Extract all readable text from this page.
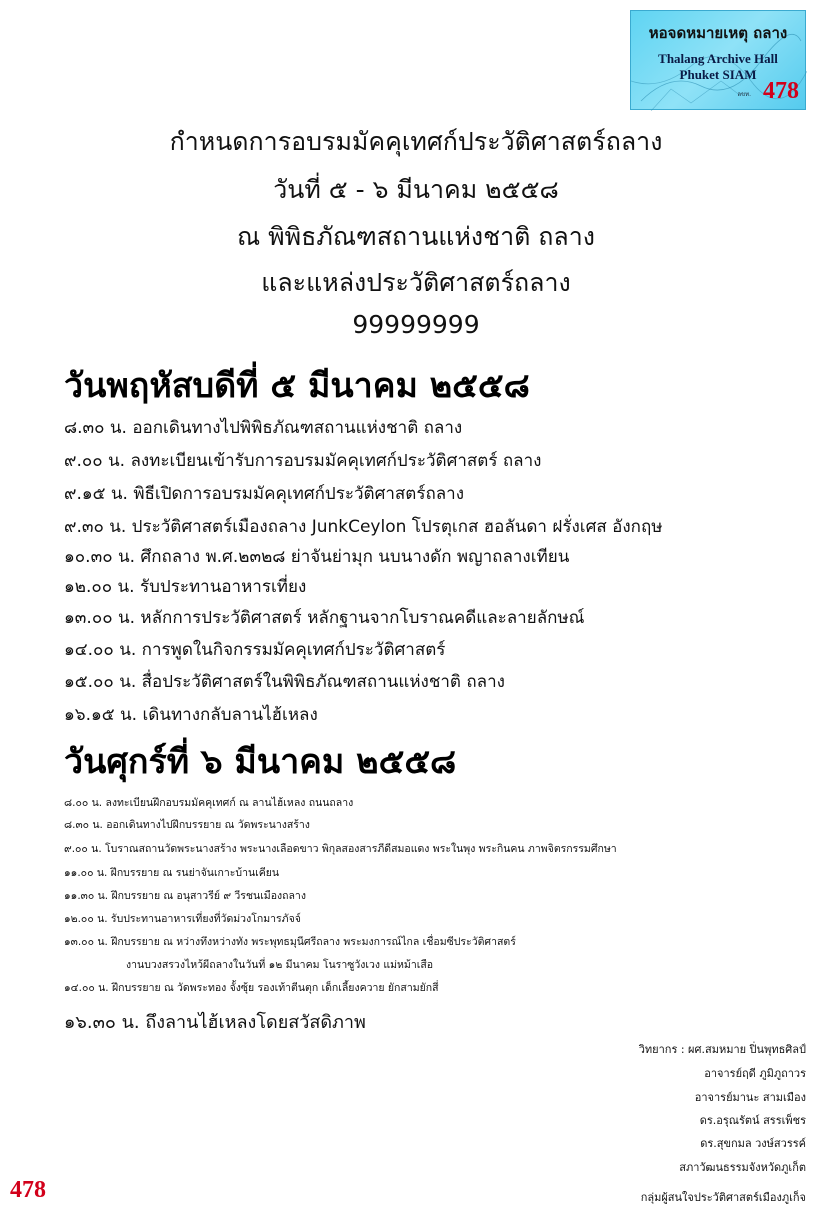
หอจดหมายเหตุ ถลาง
Thalang Archive Hall
Phuket SIAM
ลขท. 478
กำหนดการอบรมมัคคุเทศก์ประวัติศาสตร์ถลาง
วันที่ ๕ - ๖ มีนาคม ๒๕๕๘
ณ พิพิธภัณฑสถานแห่งชาติ ถลาง
และแหล่งประวัติศาสตร์ถลาง
99999999
วันพฤหัสบดีที่ ๕ มีนาคม ๒๕๕๘
๘.๓๐ น. ออกเดินทางไปพิพิธภัณฑสถานแห่งชาติ ถลาง
๙.๐๐ น. ลงทะเบียนเข้ารับการอบรมมัคคุเทศก์ประวัติศาสตร์ ถลาง
๙.๑๕ น. พิธีเปิดการอบรมมัคคุเทศก์ประวัติศาสตร์ถลาง
๙.๓๐ น. ประวัติศาสตร์เมืองถลาง JunkCeylon โปรตุเกส ฮอลันดา ฝรั่งเศส อังกฤษ
๑๐.๓๐ น. ศึกถลาง พ.ศ.๒๓๒๘ ย่าจันย่ามุก นบนางดัก พญาถลางเทียน
๑๒.๐๐ น. รับประทานอาหารเที่ยง
๑๓.๐๐ น. หลักการประวัติศาสตร์ หลักฐานจากโบราณคดีและลายลักษณ์
๑๔.๐๐ น. การพูดในกิจกรรมมัคคุเทศก์ประวัติศาสตร์
๑๕.๐๐ น. สื่อประวัติศาสตร์ในพิพิธภัณฑสถานแห่งชาติ ถลาง
๑๖.๑๕ น. เดินทางกลับลานไฮ้เหลง
วันศุกร์ที่ ๖ มีนาคม ๒๕๕๘
๘.๐๐ น. ลงทะเบียนฝึกอบรมมัคคุเทศก์ ณ ลานไฮ้เหลง ถนนถลาง
๘.๓๐ น. ออกเดินทางไปฝึกบรรยาย ณ วัดพระนางสร้าง
๙.๐๐ น. โบราณสถานวัดพระนางสร้าง พระนางเลือดขาว พิกุลสองสารภีดีสมอแดง พระในพุง พระกินคน ภาพจิตรกรรมศึกษา
๑๑.๐๐ น. ฝึกบรรยาย ณ รนย่าจันเกาะบ้านเคียน
๑๑.๓๐ น. ฝึกบรรยาย ณ อนุสาวรีย์ ๙ วีรชนเมืองถลาง
๑๒.๐๐ น. รับประทานอาหารเที่ยงที่วัดม่วงโกมารภัจจ์
๑๓.๐๐ น. ฝึกบรรยาย ณ หว่างทึงหว่างทัง พระพุทธมุนีศรีถลาง พระมงการณ์ไกล เชื่อมซีประวัติศาสตร์
งานบวงสรวงไหว้ผีถลางในวันที่ ๑๒ มีนาคม โนราซูวังเวง แม่หม้าเสือ
๑๔.๐๐ น. ฝึกบรรยาย ณ วัดพระทอง จั้งซุ้ย รองเท้าตีนตุก เด็กเลี้ยงควาย ยักสามยักสี่
๑๖.๓๐ น. ถึงลานไฮ้เหลงโดยสวัสดิภาพ
วิทยากร : ผศ.สมหมาย ปิ่นพุทธศิลป์
อาจารย์ฤดี ภูมิภูถาวร
อาจารย์มานะ สามเมือง
ดร.อรุณรัตน์ สรรเพ็ชร
ดร.สุขกมล วงษ์สวรรค์
สภาวัฒนธรรมจังหวัดภูเก็ต
478	กลุ่มผู้สนใจประวัติศาสตร์เมืองภูเก็จ
